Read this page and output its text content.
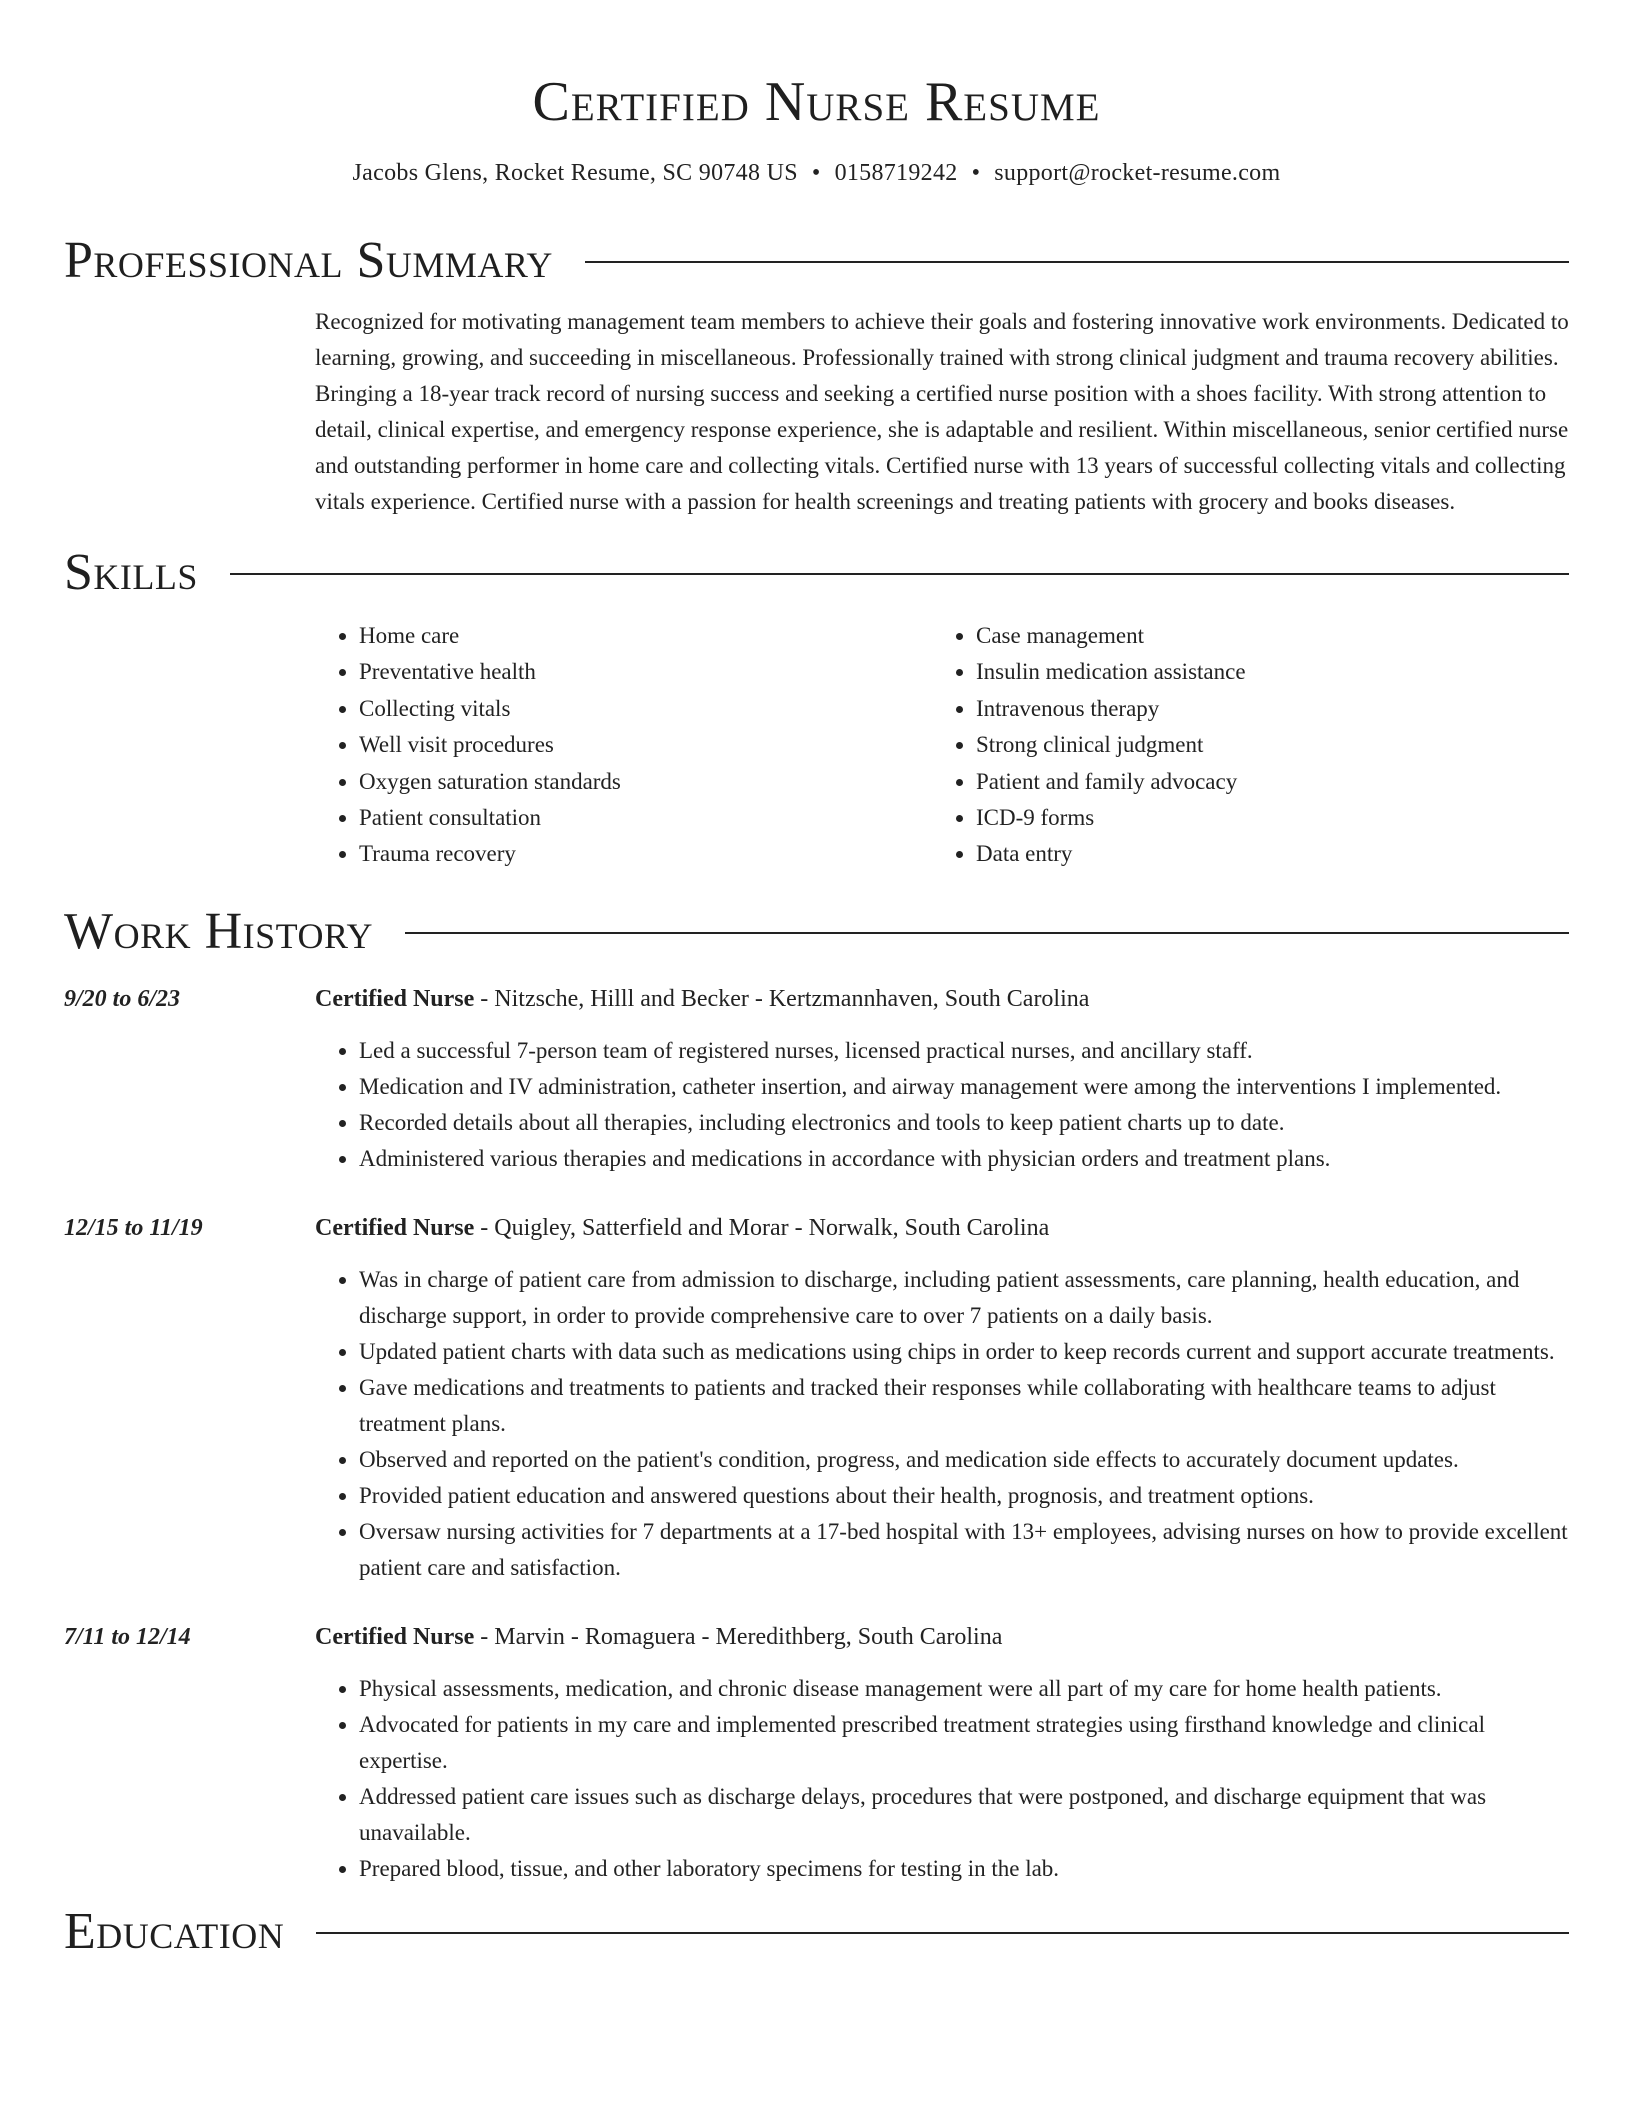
Certified Nurse Resume
Jacobs Glens, Rocket Resume, SC 90748 US • 0158719242 • support@rocket-resume.com
Professional Summary
Recognized for motivating management team members to achieve their goals and fostering innovative work environments. Dedicated to learning, growing, and succeeding in miscellaneous. Professionally trained with strong clinical judgment and trauma recovery abilities. Bringing a 18-year track record of nursing success and seeking a certified nurse position with a shoes facility. With strong attention to detail, clinical expertise, and emergency response experience, she is adaptable and resilient. Within miscellaneous, senior certified nurse and outstanding performer in home care and collecting vitals. Certified nurse with 13 years of successful collecting vitals and collecting vitals experience. Certified nurse with a passion for health screenings and treating patients with grocery and books diseases.
Skills
• Home care
• Preventative health
• Collecting vitals
• Well visit procedures
• Oxygen saturation standards
• Patient consultation
• Trauma recovery
• Case management
• Insulin medication assistance
• Intravenous therapy
• Strong clinical judgment
• Patient and family advocacy
• ICD-9 forms
• Data entry
Work History
9/20 to 6/23	Certified Nurse - Nitzsche, Hilll and Becker - Kertzmannhaven, South Carolina
• Led a successful 7-person team of registered nurses, licensed practical nurses, and ancillary staff.
• Medication and IV administration, catheter insertion, and airway management were among the interventions I implemented.
• Recorded details about all therapies, including electronics and tools to keep patient charts up to date.
• Administered various therapies and medications in accordance with physician orders and treatment plans.
12/15 to 11/19	Certified Nurse - Quigley, Satterfield and Morar - Norwalk, South Carolina
• Was in charge of patient care from admission to discharge, including patient assessments, care planning, health education, and discharge support, in order to provide comprehensive care to over 7 patients on a daily basis.
• Updated patient charts with data such as medications using chips in order to keep records current and support accurate treatments.
• Gave medications and treatments to patients and tracked their responses while collaborating with healthcare teams to adjust treatment plans.
• Observed and reported on the patient's condition, progress, and medication side effects to accurately document updates.
• Provided patient education and answered questions about their health, prognosis, and treatment options.
• Oversaw nursing activities for 7 departments at a 17-bed hospital with 13+ employees, advising nurses on how to provide excellent patient care and satisfaction.
7/11 to 12/14	Certified Nurse - Marvin - Romaguera - Meredithberg, South Carolina
• Physical assessments, medication, and chronic disease management were all part of my care for home health patients.
• Advocated for patients in my care and implemented prescribed treatment strategies using firsthand knowledge and clinical expertise.
• Addressed patient care issues such as discharge delays, procedures that were postponed, and discharge equipment that was unavailable.
• Prepared blood, tissue, and other laboratory specimens for testing in the lab.
Education
